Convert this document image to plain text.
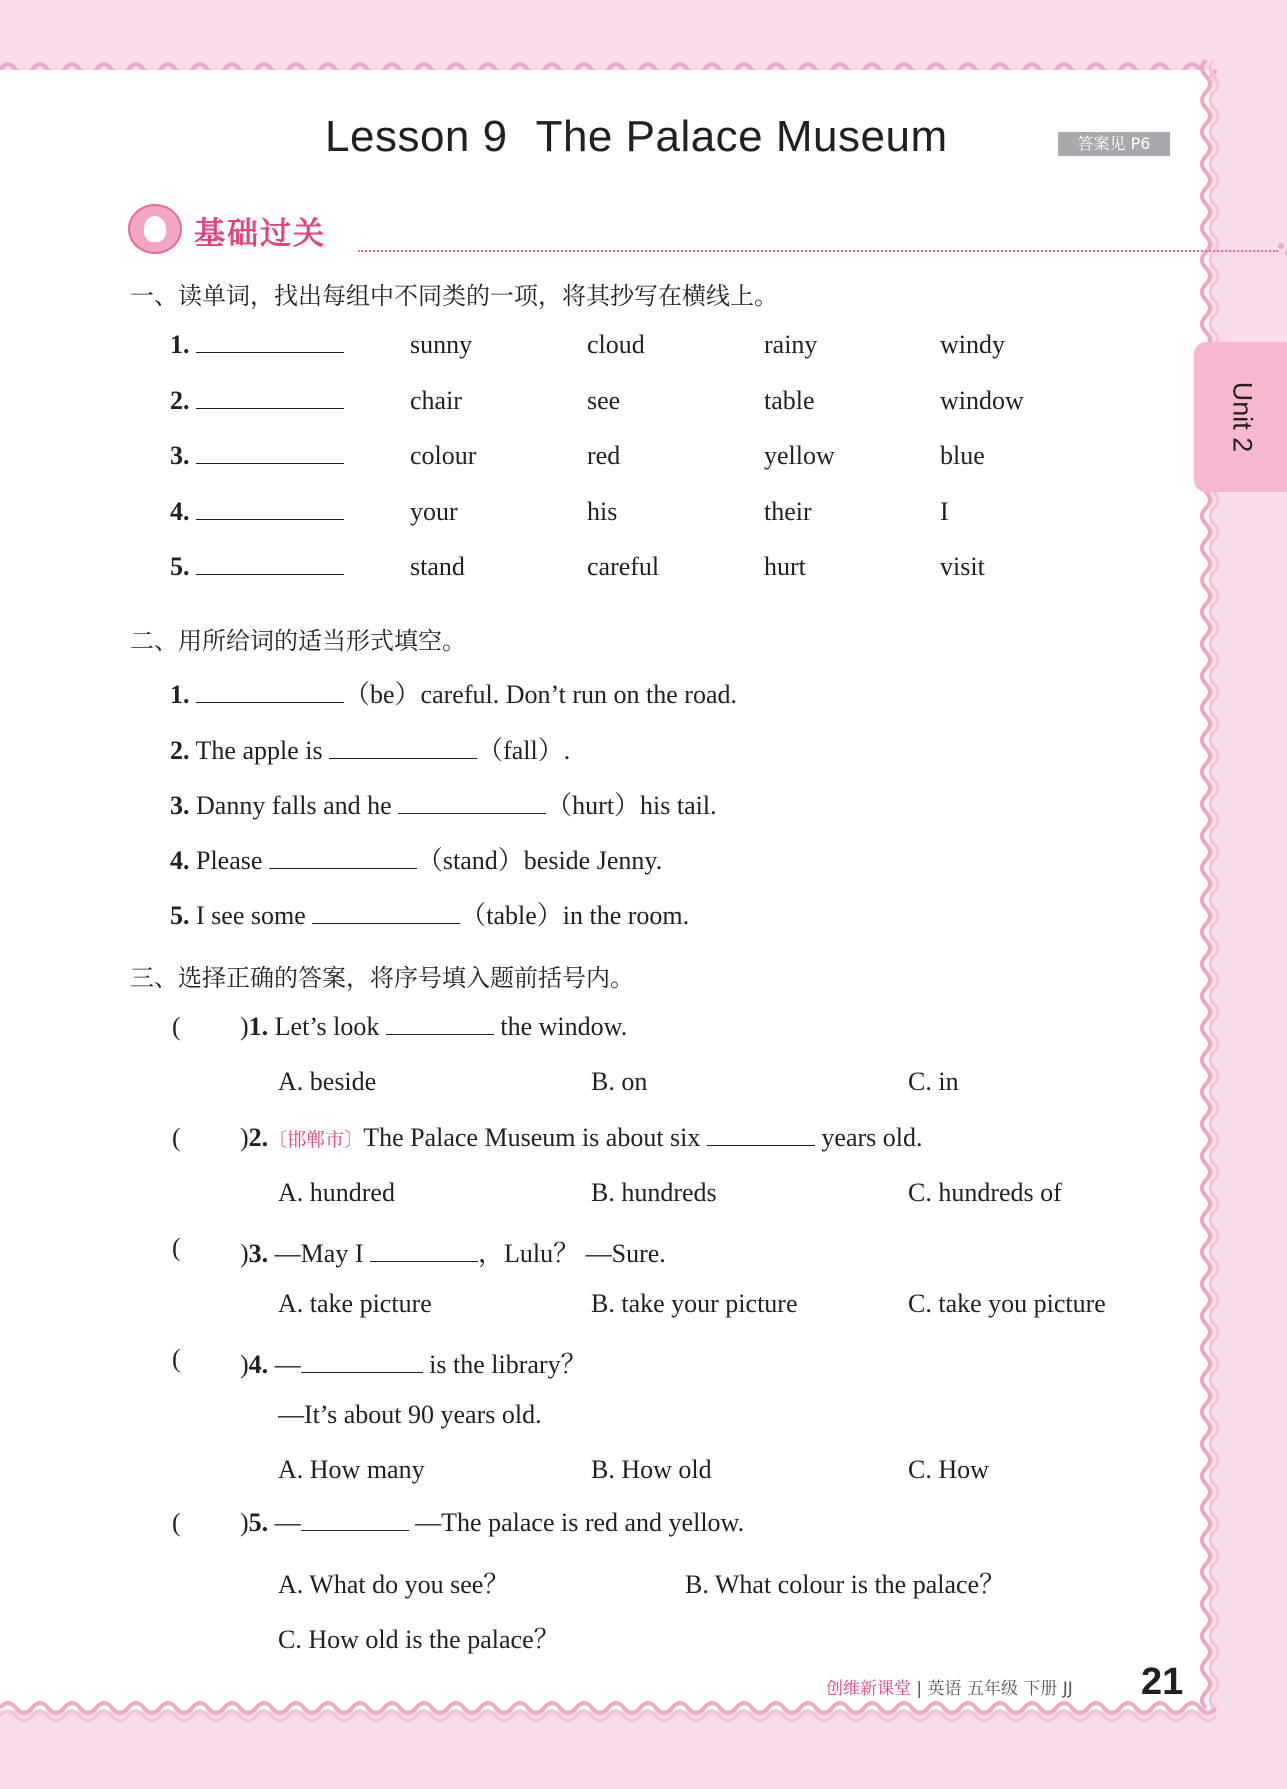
Lesson 9 The Palace Museum	答案见 P6
Unit 2
基础过关
一、读单词，找出每组中不同类的一项，将其抄写在横线上。
1.	sunny	cloud	rainy	windy
2.	chair	see	table	window
3.	colour	red	yellow	blue
4.	your	his	their	I
5.	stand	careful	hurt	visit
二、用所给词的适当形式填空。
1.	（be）careful. Don’t run on the road.
2. The apple is	（fall）.
3. Danny falls and he	（hurt）his tail.
4. Please	（stand）beside Jenny.
5. I see some	（table）in the room.
三、选择正确的答案，将序号填入题前括号内。
( )1. Let’s look	the window.
A. beside	B. on	C. in
( )2.〔邯郸市〕The Palace Museum is about six	years old.
A. hundred	B. hundreds	C. hundreds of
( )3. —May I	，Lulu？ —Sure.
A. take picture	B. take your picture	C. take you picture
( )4. —	is the library？
—It’s about 90 years old.
A. How many	B. How old	C. How
( )5. —	—The palace is red and yellow.
A. What do you see？	B. What colour is the palace？
C. How old is the palace？
创维新课堂 | 英语 五年级 下册 JJ 21
